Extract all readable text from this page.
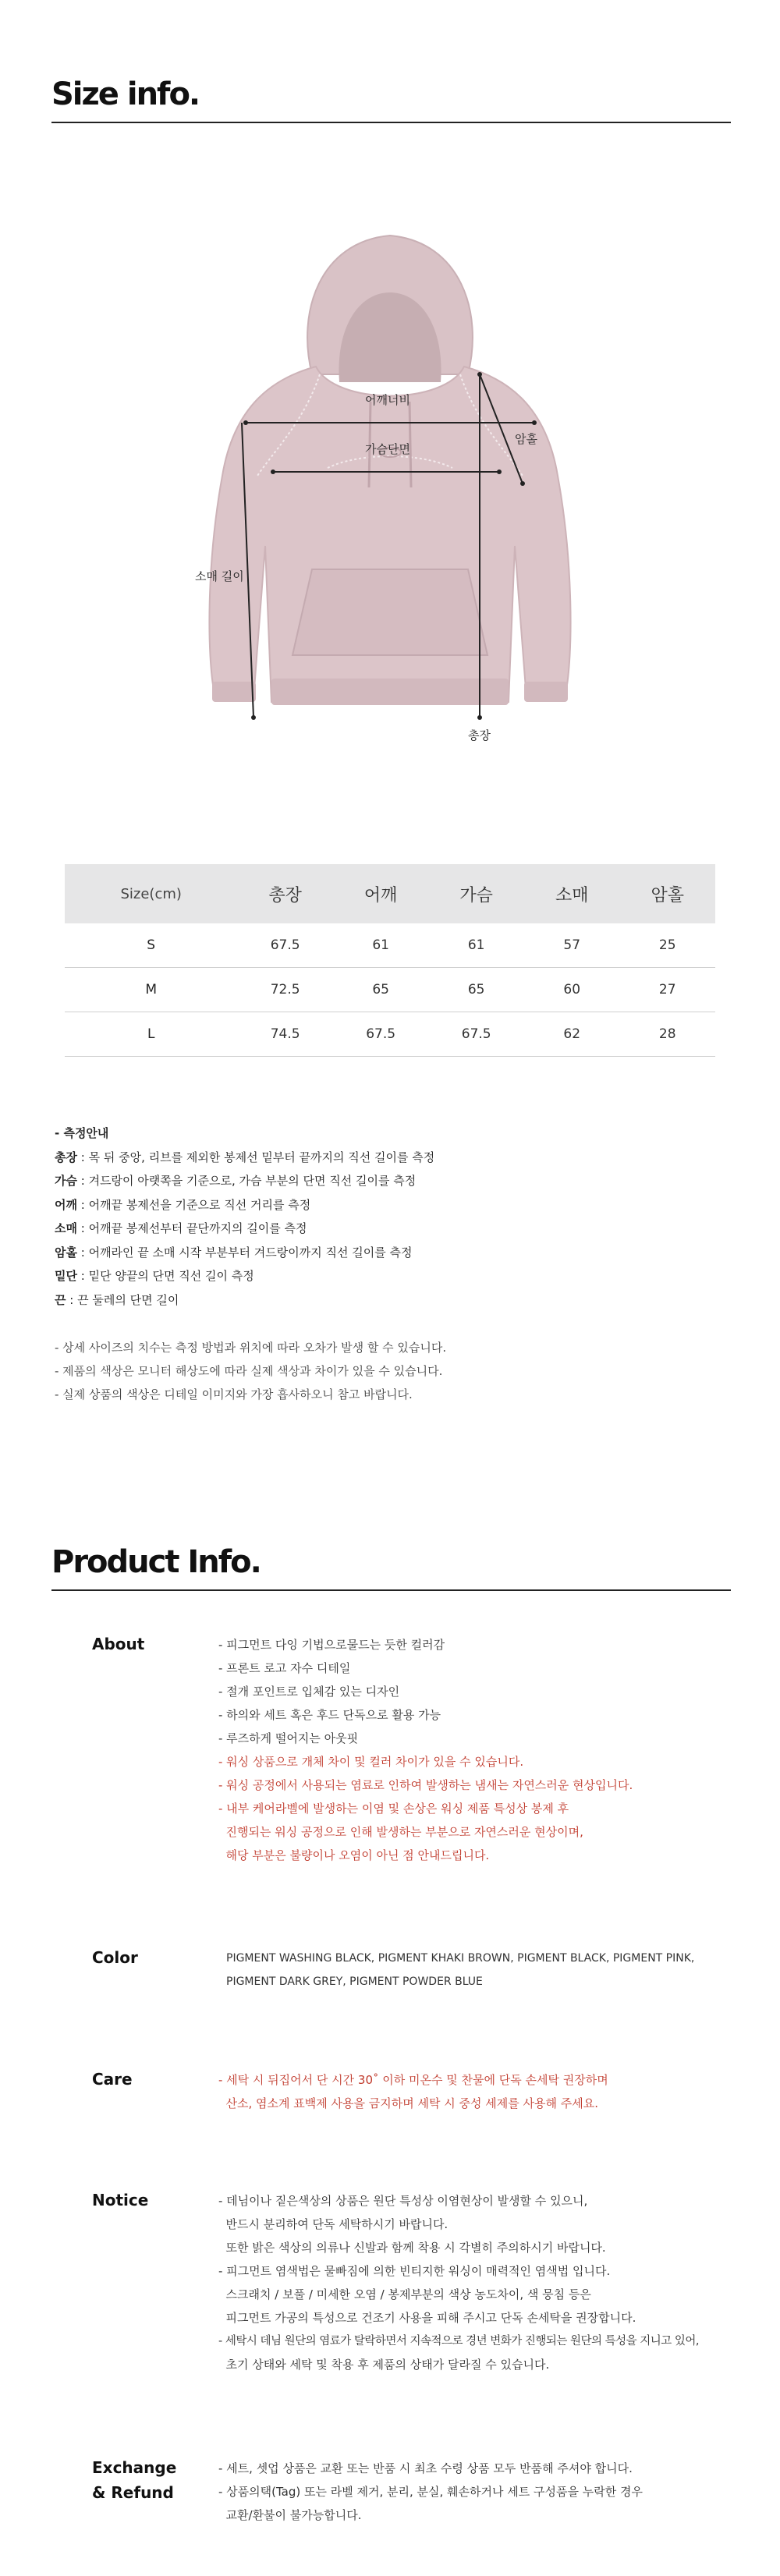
Size info.
어깨너비
가슴단면
암홀
소매 길이
총장
Size(cm)	총장	어깨	가슴	소매	암홀
S	67.5	61	61	57	25
M	72.5	65	65	60	27
L	74.5	67.5	67.5	62	28
- 측정안내
총장 : 목 뒤 중앙, 리브를 제외한 봉제선 밑부터 끝까지의 직선 길이를 측정
가슴 : 겨드랑이 아랫쪽을 기준으로, 가슴 부분의 단면 직선 길이를 측정
어깨 : 어깨끝 봉제선을 기준으로 직선 거리를 측정
소매 : 어깨끝 봉제선부터 끝단까지의 길이를 측정
암홀 : 어깨라인 끝 소매 시작 부분부터 겨드랑이까지 직선 길이를 측정
밑단 : 밑단 양끝의 단면 직선 길이 측정
끈 : 끈 둘레의 단면 길이
- 상세 사이즈의 치수는 측정 방법과 위치에 따라 오차가 발생 할 수 있습니다.
- 제품의 색상은 모니터 해상도에 따라 실제 색상과 차이가 있을 수 있습니다.
- 실제 상품의 색상은 디테일 이미지와 가장 흡사하오니 참고 바랍니다.
Product Info.
About	- 피그먼트 다잉 기법으로물드는 듯한 컬러감
- 프론트 로고 자수 디테일
- 절개 포인트로 입체감 있는 디자인
- 하의와 세트 혹은 후드 단독으로 활용 가능
- 루즈하게 떨어지는 아웃핏
- 워싱 상품으로 개체 차이 및 컬러 차이가 있을 수 있습니다.
- 워싱 공정에서 사용되는 염료로 인하여 발생하는 냄새는 자연스러운 현상입니다.
- 내부 케어라벨에 발생하는 이염 및 손상은 워싱 제품 특성상 봉제 후
진행되는 워싱 공정으로 인해 발생하는 부분으로 자연스러운 현상이며,
해당 부분은 불량이나 오염이 아닌 점 안내드립니다.
Color	PIGMENT WASHING BLACK, PIGMENT KHAKI BROWN, PIGMENT BLACK, PIGMENT PINK,
PIGMENT DARK GREY, PIGMENT POWDER BLUE
Care	- 세탁 시 뒤집어서 단 시간 30˚ 이하 미온수 및 찬물에 단독 손세탁 권장하며
산소, 염소계 표백제 사용을 금지하며 세탁 시 중성 세제를 사용해 주세요.
Notice	- 데님이나 짙은색상의 상품은 원단 특성상 이염현상이 발생할 수 있으니,
반드시 분리하여 단독 세탁하시기 바랍니다.
또한 밝은 색상의 의류나 신발과 함께 착용 시 각별히 주의하시기 바랍니다.
- 피그먼트 염색법은 물빠짐에 의한 빈티지한 워싱이 매력적인 염색법 입니다.
스크래치 / 보풀 / 미세한 오염 / 봉제부분의 색상 농도차이, 색 뭉침 등은
피그먼트 가공의 특성으로 건조기 사용을 피해 주시고 단독 손세탁을 권장합니다.
- 세탁시 데님 원단의 염료가 탈락하면서 지속적으로 경년 변화가 진행되는 원단의 특성을 지니고 있어,
초기 상태와 세탁 및 착용 후 제품의 상태가 달라질 수 있습니다.
Exchange
& Refund
- 세트, 셋업 상품은 교환 또는 반품 시 최초 수령 상품 모두 반품해 주셔야 합니다.
- 상품의택(Tag) 또는 라벨 제거, 분리, 분실, 훼손하거나 세트 구성품을 누락한 경우
교환/환불이 불가능합니다.
